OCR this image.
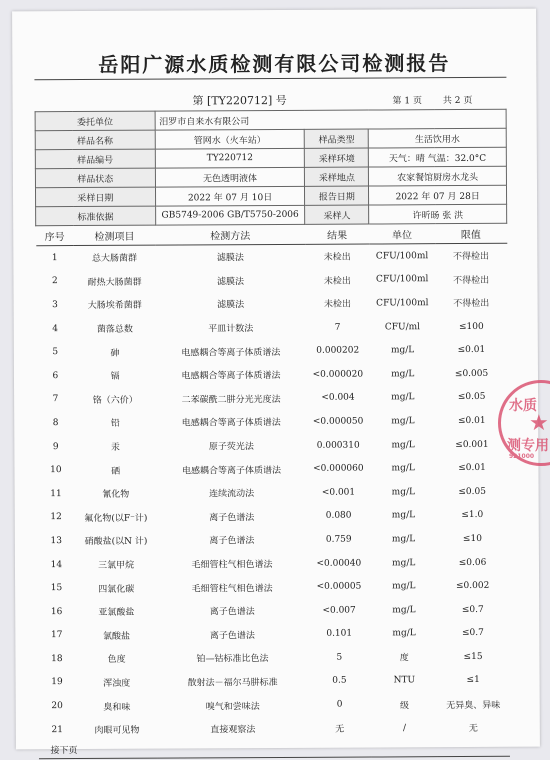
岳阳广源水质检测有限公司检测报告
第 [TY220712] 号	第 1 页 共 2 页
委托单位		汨罗市自来水有限公司			
样品名称		管网水（火车站）	样品类型	生活饮用水	
样品编号		TY220712	采样环境	天气：晴 气温：32.0°C	
样品状态		无色透明液体	采样地点	农家餐馆厨房水龙头	
采样日期		2022 年 07 月 10日	报告日期	2022 年 07 月 28日	
标准依据		GB5749-2006 GB/T5750-2006	采样人	许昕旸 张 洪	
序号	检测项目	检测方法	结果	单位	限值
1	总大肠菌群	滤膜法	未检出	CFU/100ml	不得检出
2	耐热大肠菌群	滤膜法	未检出	CFU/100ml	不得检出
3	大肠埃希菌群	滤膜法	未检出	CFU/100ml	不得检出
4	菌落总数	平皿计数法	7	CFU/ml	≤100
5	砷	电感耦合等离子体质谱法	0.000202	mg/L	≤0.01
6	镉	电感耦合等离子体质谱法	<0.000020	mg/L	≤0.005
7	铬（六价）	二苯碳酰二肼分光光度法	<0.004	mg/L	≤0.05
8	铅	电感耦合等离子体质谱法	<0.000050	mg/L	≤0.01
9	汞	原子荧光法	0.000310	mg/L	≤0.001
10	硒	电感耦合等离子体质谱法	<0.000060	mg/L	≤0.01
11	氰化物	连续流动法	<0.001	mg/L	≤0.05
12	氟化物(以F⁻计)	离子色谱法	0.080	mg/L	≤1.0
13	硝酸盐(以N 计)	离子色谱法	0.759	mg/L	≤10
14	三氯甲烷	毛细管柱气相色谱法	<0.00040	mg/L	≤0.06
15	四氯化碳	毛细管柱气相色谱法	<0.00005	mg/L	≤0.002
16	亚氯酸盐	离子色谱法	<0.007	mg/L	≤0.7
17	氯酸盐	离子色谱法	0.101	mg/L	≤0.7
18	色度	铂—钴标准比色法	5	度	≤15
19	浑浊度	散射法－福尔马肼标准	0.5	NTU	≤1
20	臭和味	嗅气和尝味法	0	级	无异臭、异味
21	肉眼可见物	直接观察法	无	/	无
接下页					
水质
★
测专用
921000
